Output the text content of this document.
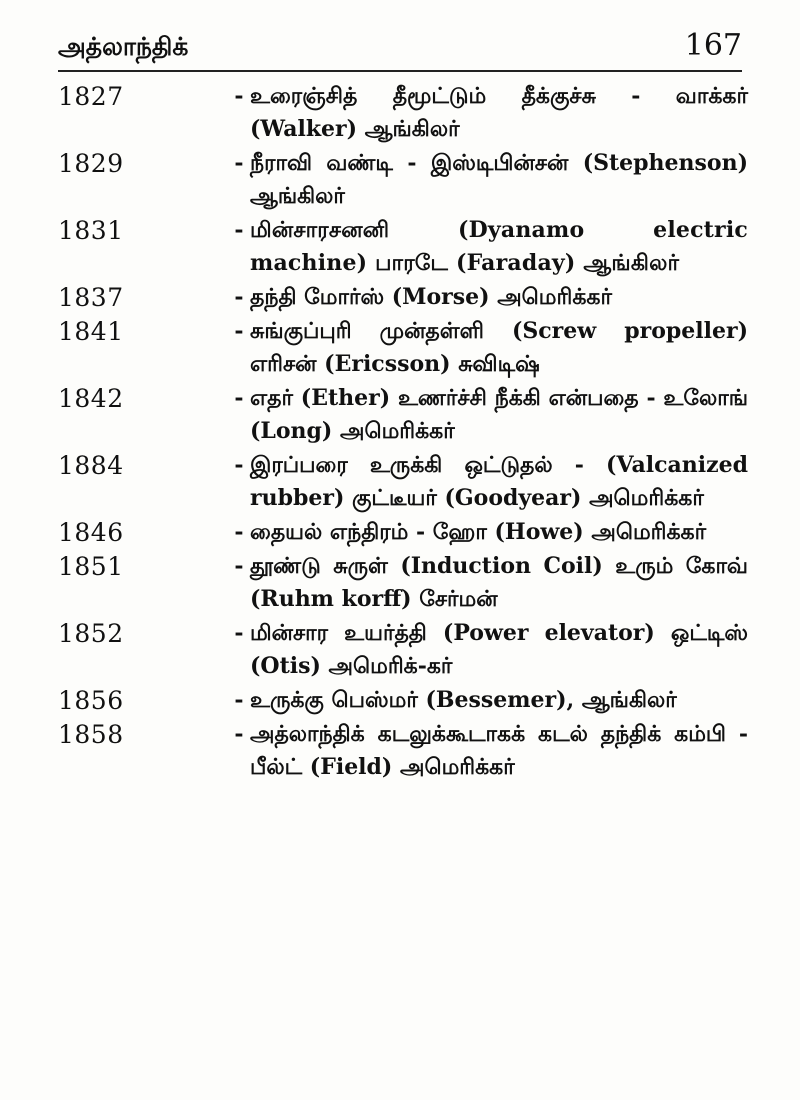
அத்லாந்திக்	167
1827	- உரைஞ்சித் தீமூட்டும் தீக்குச்சு - வாக்கர் (Walker) ஆங்கிலர்
1829	- நீராவி வண்டி - இஸ்டிபின்சன் (Stephenson) ஆங்கிலர்
1831	- மின்சாரசனனி (Dyanamo electric machine) பாரடே (Faraday) ஆங்கிலர்
1837	- தந்தி மோர்ஸ் (Morse) அமெரிக்கர்
1841	- சுங்குப்புரி முன்தள்ளி (Screw propeller) எரிசன் (Ericsson) சுவிடிஷ்
1842	- எதர் (Ether) உணர்ச்சி நீக்கி என்பதை - உலோங் (Long) அமெரிக்கர்
1884	- இரப்பரை உருக்கி ஒட்டுதல் - (Valcanized rubber) குட்டீயர் (Goodyear) அமெரிக்கர்
1846	- தையல் எந்திரம் - ஹோ (Howe) அமெரிக்கர்
1851	- தூண்டு சுருள் (Induction Coil) உரும் கோவ் (Ruhm korff) சேர்மன்
1852	- மின்சார உயர்த்தி (Power elevator) ஒட்டிஸ் (Otis) அமெரிக்-கர்
1856	- உருக்கு பெஸ்மர் (Bessemer), ஆங்கிலர்
1858	- அத்லாந்திக் கடலுக்கூடாகக் கடல் தந்திக் கம்பி - பீல்ட் (Field) அமெரிக்கர்
